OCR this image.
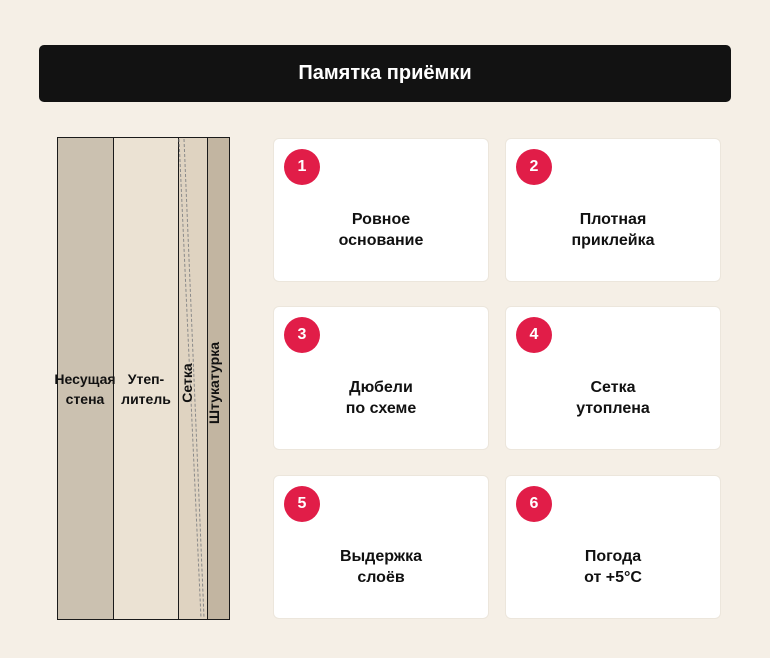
Памятка приёмки
Несущая
стена
Утеп-
литель Сетка Штукатурка
1
Ровное
основание
2
Плотная
приклейка
3
Дюбели
по схеме
4
Сетка
утоплена
5
Выдержка
слоёв
6
Погода
от +5°C
